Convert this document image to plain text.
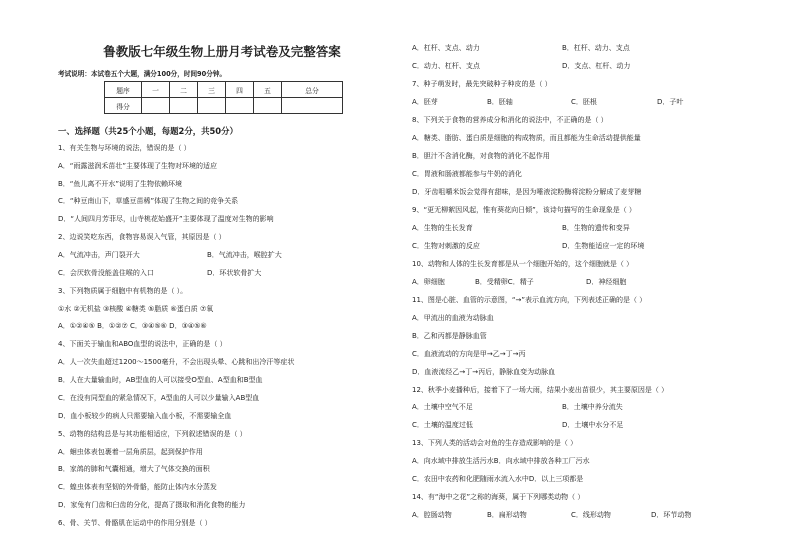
鲁教版七年级生物上册月考试卷及完整答案
考试说明：本试卷五个大题，满分100分，时间90分钟。
题序	一	二	三	四	五	总分
得分						
一、选择题（共25个小题，每题2分，共50分）
1、有关生物与环境的说法，错误的是（ ）
A．“雨露滋润禾苗壮”主要体现了生物对环境的适应
B．“鱼儿离不开水”说明了生物依赖环境
C．“种豆南山下，草盛豆苗稀”体现了生物之间的竞争关系
D．“人间四月芳菲尽，山寺桃花始盛开”主要体现了温度对生物的影响
2、边说笑吃东西，食物容易误入气管，其原因是（ ）
A．气流冲击，声门裂开大	B．气流冲击，喉腔扩大
C．会厌软骨没能盖住喉的入口	D．环状软骨扩大
3、下列物质属于细胞中有机物的是（ ）。
①水 ②无机盐 ③核酸 ④糖类 ⑤脂质 ⑥蛋白质 ⑦氧
A．①②④⑤ B．①②⑦ C．③④⑤⑥ D．③④⑤⑥
4、下面关于输血和ABO血型的说法中，正确的是（ ）
A．人一次失血超过1200～1500毫升，不会出现头晕、心跳和出冷汗等症状
B．人在大量输血时，AB型血的人可以接受O型血、A型血和B型血
C．在没有同型血的紧急情况下，A型血的人可以少量输入AB型血
D．血小板较少的病人只需要输入血小板，不需要输全血
5、动物的结构总是与其功能相适应，下列叙述错误的是（ ）
A．蛔虫体表包裹着一层角质层，起到保护作用
B．家鸽的肺和气囊相通，增大了气体交换的面积
C．蝗虫体表有坚韧的外骨骼，能防止体内水分蒸发
D．家兔有门齿和臼齿的分化，提高了摄取和消化食物的能力
6、骨、关节、骨骼肌在运动中的作用分别是（ ）
A．杠杆、支点、动力	B．杠杆、动力、支点
C．动力、杠杆、支点	D．支点、杠杆、动力
7、种子萌发时，最先突破种子种皮的是（ ）
A．胚芽	B．胚轴	C．胚根	D．子叶
8、下列关于食物的营养成分和消化的说法中，不正确的是（ ）
A．糖类、脂肪、蛋白质是细胞的构成物质，而且都能为生命活动提供能量
B．胆汁不含消化酶，对食物的消化不起作用
C．胃液和肠液都能参与牛奶的消化
D．牙齿咀嚼米饭会觉得有甜味，是因为唾液淀粉酶将淀粉分解成了麦芽糖
9、“更无柳絮因风起，惟有葵花向日倾”，该诗句描写的生命现象是（ ）
A．生物的生长发育	B．生物的遗传和变异
C．生物对刺激的反应	D．生物能适应一定的环境
10、动物和人体的生长发育都是从一个细胞开始的，这个细胞就是（ ）
A．卵细胞	B．受精卵C．精子	D．神经细胞
11、图是心脏、血管的示意图，“→”表示血流方向，下列表述正确的是（ ）
A．甲流出的血液为动脉血
B．乙和丙都是静脉血管
C．血液流动的方向是甲→乙→丁→丙
D．血液流经乙→丁→丙后，静脉血变为动脉血
12、秋季小麦播种后，接着下了一场大雨，结果小麦出苗很少，其主要原因是（ ）
A．土壤中空气不足	B．土壤中养分流失
C．土壤的温度过低	D．土壤中水分不足
13、下列人类的活动会对鱼的生存造成影响的是（ ）
A．向水域中排放生活污水B．向水域中排放各种工厂污水
C．农田中农药和化肥随雨水流入水中D．以上三项都是
14、有“海中之花”之称的海葵，属于下列哪类动物（ ）
A．腔肠动物	B．扁形动物	C．线形动物	D．环节动物
